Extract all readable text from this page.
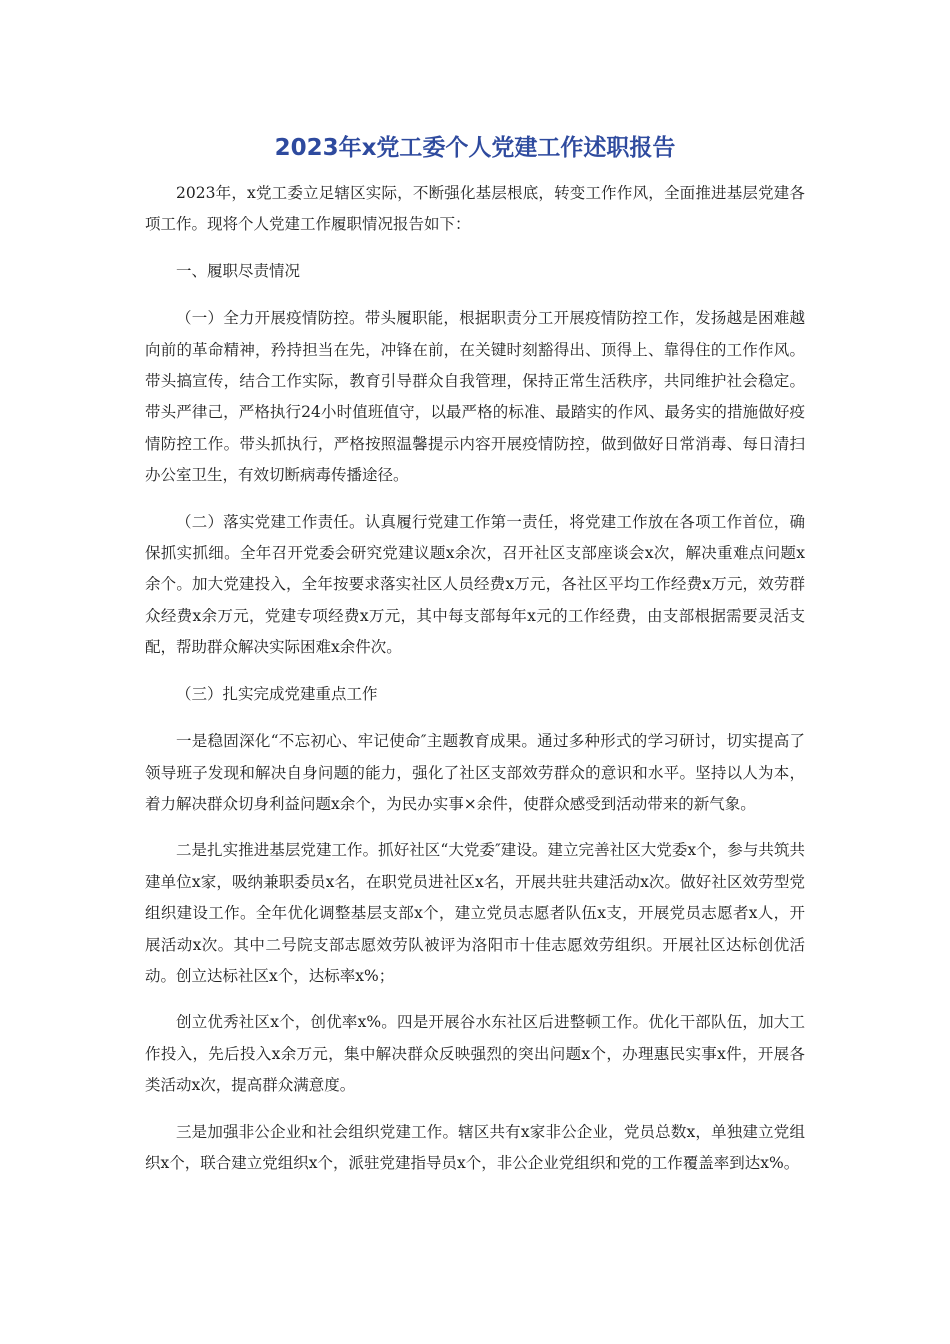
2023年x党工委个人党建工作述职报告

2023年，x党工委立足辖区实际，不断强化基层根底，转变工作作风，全面推进基层党建各项工作。现将个人党建工作履职情况报告如下：

一、履职尽责情况

（一）全力开展疫情防控。带头履职能，根据职责分工开展疫情防控工作，发扬越是困难越向前的革命精神，矜持担当在先，冲锋在前，在关键时刻豁得出、顶得上、靠得住的工作作风。带头搞宣传，结合工作实际，教育引导群众自我管理，保持正常生活秩序，共同维护社会稳定。带头严律己，严格执行24小时值班值守，以最严格的标准、最踏实的作风、最务实的措施做好疫情防控工作。带头抓执行，严格按照温馨提示内容开展疫情防控，做到做好日常消毒、每日清扫办公室卫生，有效切断病毒传播途径。

（二）落实党建工作责任。认真履行党建工作第一责任，将党建工作放在各项工作首位，确保抓实抓细。全年召开党委会研究党建议题x余次，召开社区支部座谈会x次，解决重难点问题x余个。加大党建投入，全年按要求落实社区人员经费x万元，各社区平均工作经费x万元，效劳群众经费x余万元，党建专项经费x万元，其中每支部每年x元的工作经费，由支部根据需要灵活支配，帮助群众解决实际困难x余件次。

（三）扎实完成党建重点工作

一是稳固深化“不忘初心、牢记使命″主题教育成果。通过多种形式的学习研讨，切实提高了领导班子发现和解决自身问题的能力，强化了社区支部效劳群众的意识和水平。坚持以人为本，着力解决群众切身利益问题x余个，为民办实事×余件，使群众感受到活动带来的新气象。

二是扎实推进基层党建工作。抓好社区“大党委″建设。建立完善社区大党委x个，参与共筑共建单位x家，吸纳兼职委员x名，在职党员进社区x名，开展共驻共建活动x次。做好社区效劳型党组织建设工作。全年优化调整基层支部x个，建立党员志愿者队伍x支，开展党员志愿者x人，开展活动x次。其中二号院支部志愿效劳队被评为洛阳市十佳志愿效劳组织。开展社区达标创优活动。创立达标社区x个，达标率x%；

创立优秀社区x个，创优率x%。四是开展谷水东社区后进整顿工作。优化干部队伍，加大工作投入，先后投入x余万元，集中解决群众反映强烈的突出问题x个，办理惠民实事x件，开展各类活动x次，提高群众满意度。

三是加强非公企业和社会组织党建工作。辖区共有x家非公企业，党员总数x，单独建立党组织x个，联合建立党组织x个，派驻党建指导员x个，非公企业党组织和党的工作覆盖率到达x%。
